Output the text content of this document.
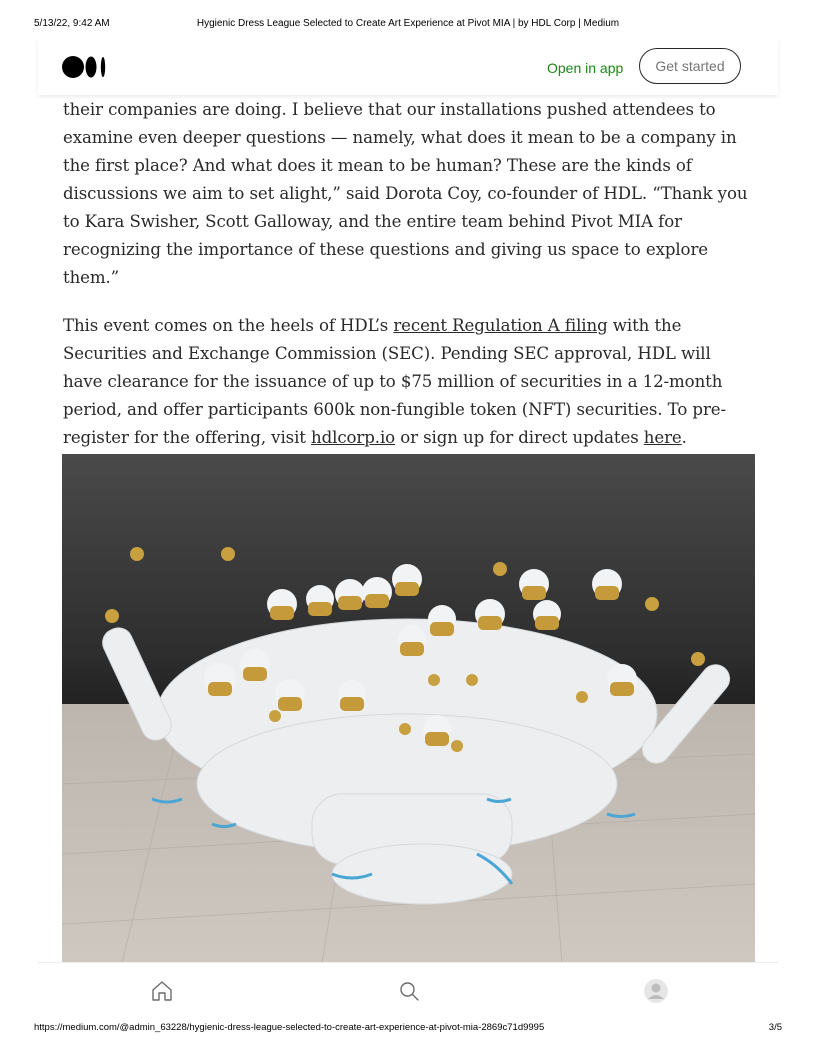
5/13/22, 9:42 AM	Hygienic Dress League Selected to Create Art Experience at Pivot MIA | by HDL Corp | Medium
Open in app	Get started

their companies are doing. I believe that our installations pushed attendees to examine even deeper questions — namely, what does it mean to be a company in the first place? And what does it mean to be human? These are the kinds of discussions we aim to set alight,” said Dorota Coy, co-founder of HDL. “Thank you to Kara Swisher, Scott Galloway, and the entire team behind Pivot MIA for recognizing the importance of these questions and giving us space to explore them.”

This event comes on the heels of HDL’s recent Regulation A filing with the Securities and Exchange Commission (SEC). Pending SEC approval, HDL will have clearance for the issuance of up to $75 million of securities in a 12-month period, and offer participants 600k non-fungible token (NFT) securities. To pre-register for the offering, visit hdlcorp.io or sign up for direct updates here.

https://medium.com/@admin_63228/hygienic-dress-league-selected-to-create-art-experience-at-pivot-mia-2869c71d9995	3/5
